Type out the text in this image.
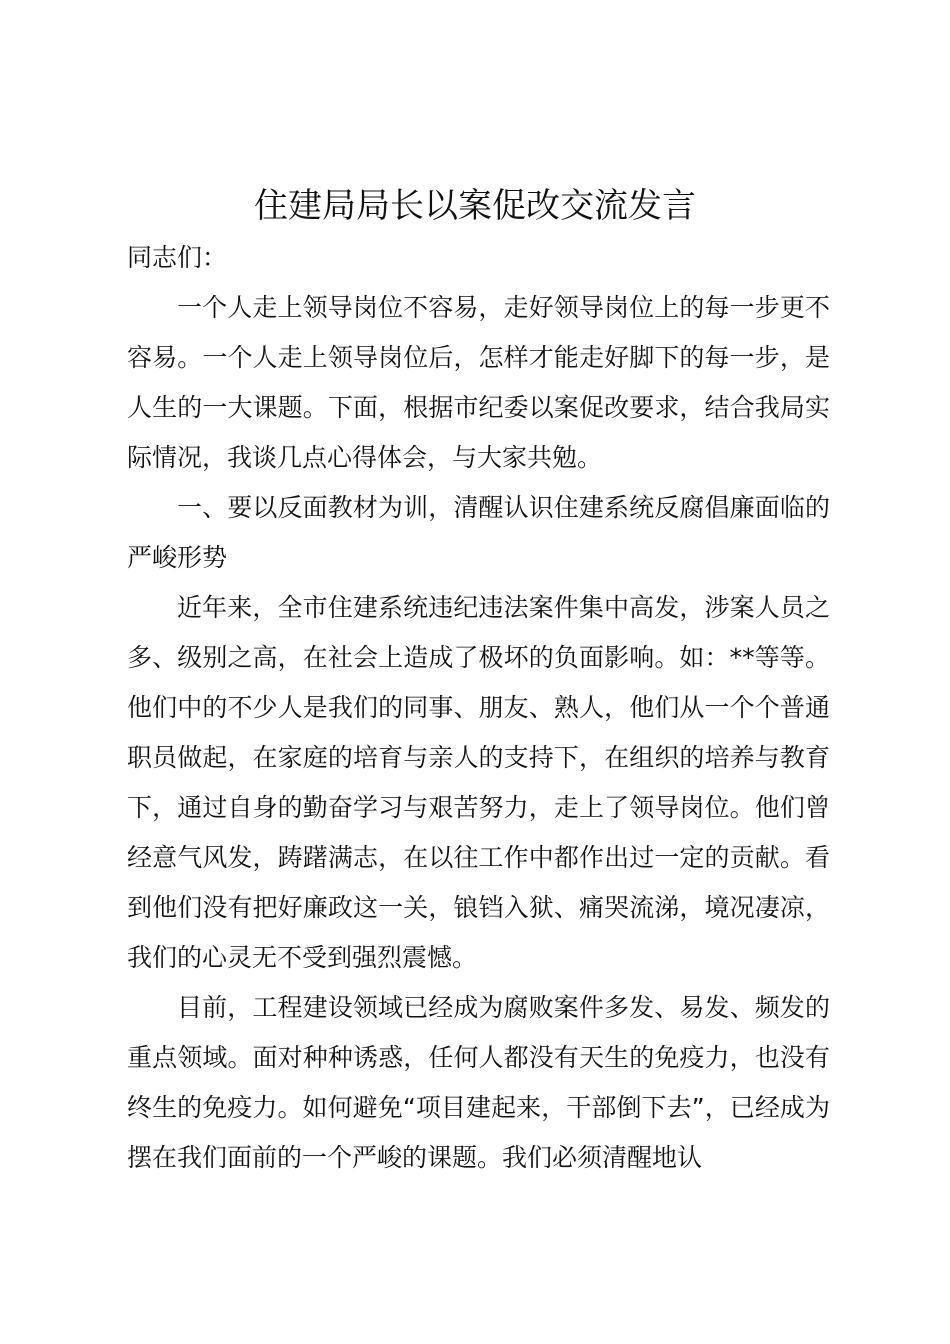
住建局局长以案促改交流发言

同志们：

一个人走上领导岗位不容易，走好领导岗位上的每一步更不容易。一个人走上领导岗位后，怎样才能走好脚下的每一步，是人生的一大课题。下面，根据市纪委以案促改要求，结合我局实际情况，我谈几点心得体会，与大家共勉。

一、要以反面教材为训，清醒认识住建系统反腐倡廉面临的严峻形势

近年来，全市住建系统违纪违法案件集中高发，涉案人员之多、级别之高，在社会上造成了极坏的负面影响。如：**等等。他们中的不少人是我们的同事、朋友、熟人，他们从一个个普通职员做起，在家庭的培育与亲人的支持下，在组织的培养与教育下，通过自身的勤奋学习与艰苦努力，走上了领导岗位。他们曾经意气风发，踌躇满志，在以往工作中都作出过一定的贡献。看到他们没有把好廉政这一关，锒铛入狱、痛哭流涕，境况凄凉，我们的心灵无不受到强烈震憾。

目前，工程建设领域已经成为腐败案件多发、易发、频发的重点领域。面对种种诱惑，任何人都没有天生的免疫力，也没有终生的免疫力。如何避免“项目建起来，干部倒下去”，已经成为摆在我们面前的一个严峻的课题。我们必须清醒地认
